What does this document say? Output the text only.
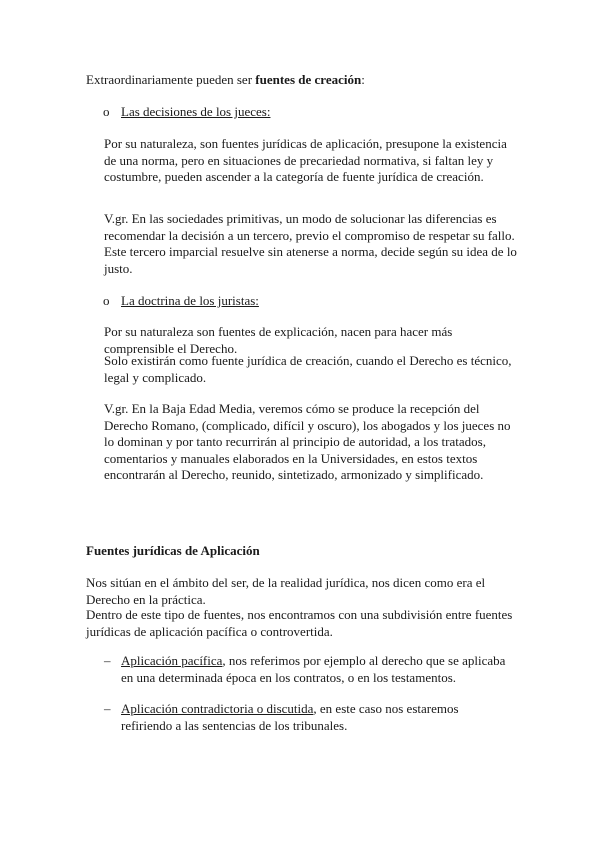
Extraordinariamente pueden ser fuentes de creación:

o Las decisiones de los jueces:

Por su naturaleza, son fuentes jurídicas de aplicación, presupone la existencia de una norma, pero en situaciones de precariedad normativa, si faltan ley y costumbre, pueden ascender a la categoría de fuente jurídica de creación.

V.gr. En las sociedades primitivas, un modo de solucionar las diferencias es recomendar la decisión a un tercero, previo el compromiso de respetar su fallo. Este tercero imparcial resuelve sin atenerse a norma, decide según su idea de lo justo.

o La doctrina de los juristas:

Por su naturaleza son fuentes de explicación, nacen para hacer más comprensible el Derecho.

Solo existirán como fuente jurídica de creación, cuando el Derecho es técnico, legal y complicado.

V.gr. En la Baja Edad Media, veremos cómo se produce la recepción del Derecho Romano, (complicado, difícil y oscuro), los abogados y los jueces no lo dominan y por tanto recurrirán al principio de autoridad, a los tratados, comentarios y manuales elaborados en la Universidades, en estos textos encontrarán al Derecho, reunido, sintetizado, armonizado y simplificado.

Fuentes jurídicas de Aplicación

Nos sitúan en el ámbito del ser, de la realidad jurídica, nos dicen como era el Derecho en la práctica.

Dentro de este tipo de fuentes, nos encontramos con una subdivisión entre fuentes jurídicas de aplicación pacífica o controvertida.

– Aplicación pacífica, nos referimos por ejemplo al derecho que se aplicaba en una determinada época en los contratos, o en los testamentos.

– Aplicación contradictoria o discutida, en este caso nos estaremos refiriendo a las sentencias de los tribunales.
